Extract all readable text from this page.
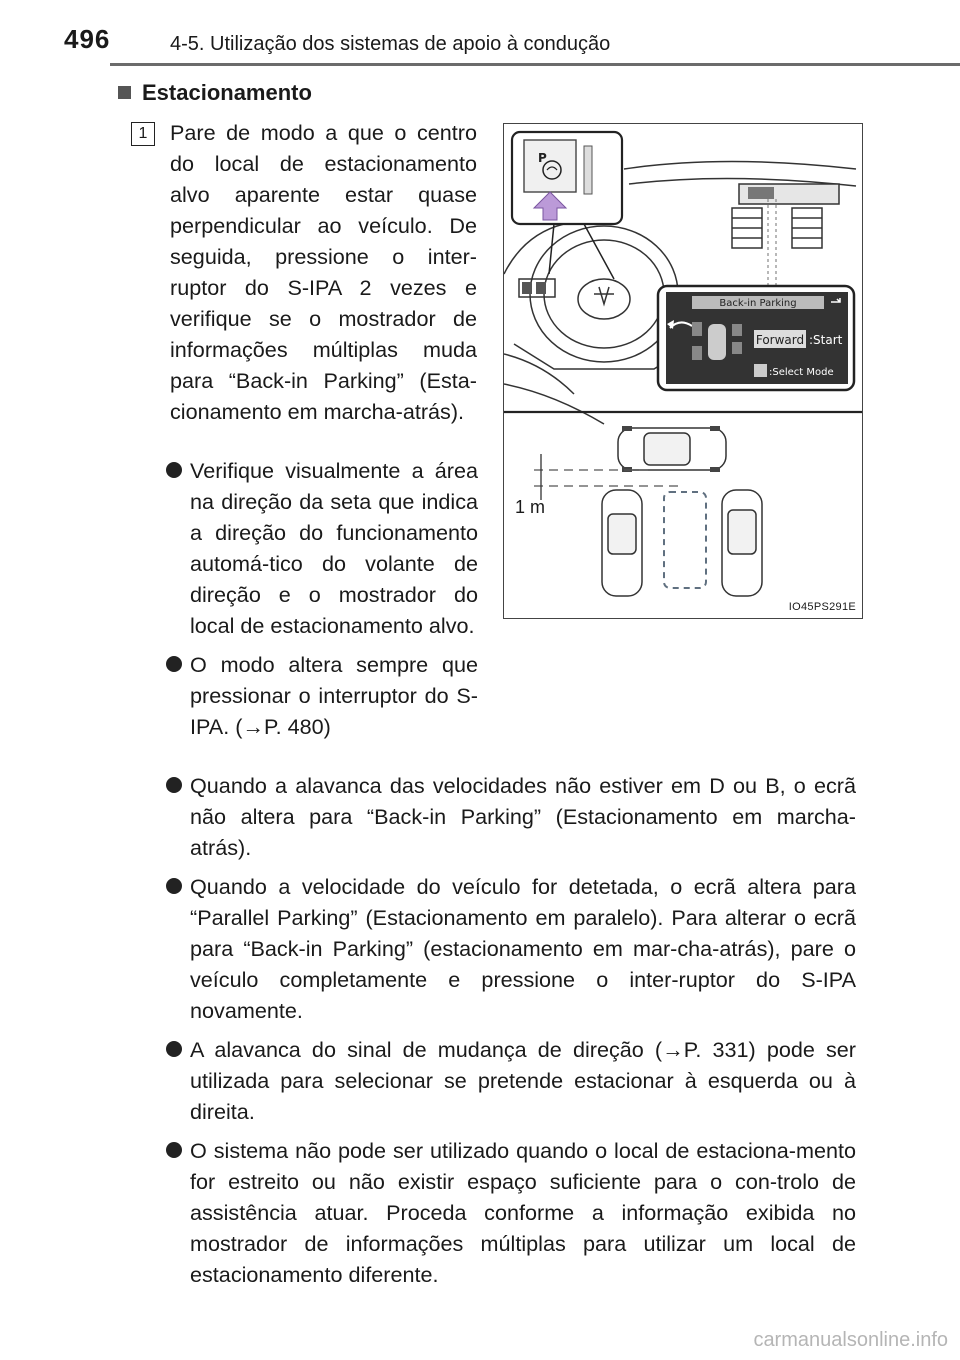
496	4-5. Utilização dos sistemas de apoio à condução
Estacionamento
1	Pare de modo a que o centro do local de estacionamento alvo aparente estar quase perpendicular ao veículo. De seguida, pressione o inter-ruptor do S-IPA 2 vezes e verifique se o mostrador de informações múltiplas muda para “Back-in Parking” (Esta-cionamento em marcha-atrás).

Verifique visualmente a área na direção da seta que indica a direção do funcionamento automá-tico do volante de direção e o mostrador do local de estacionamento alvo.
O modo altera sempre que pressionar o interruptor do S-IPA. (→P. 480)
Quando a alavanca das velocidades não estiver em D ou B, o ecrã não altera para “Back-in Parking” (Estacionamento em marcha-atrás).
Quando a velocidade do veículo for detetada, o ecrã altera para “Parallel Parking” (Estacionamento em paralelo). Para alterar o ecrã para “Back-in Parking” (estacionamento em mar-cha-atrás), pare o veículo completamente e pressione o inter-ruptor do S-IPA novamente.
A alavanca do sinal de mudança de direção (→P. 331) pode ser utilizada para selecionar se pretende estacionar à esquerda ou à direita.
O sistema não pode ser utilizado quando o local de estaciona-mento for estreito ou não existir espaço suficiente para o con-trolo de assistência atuar. Proceda conforme a informação exibida no mostrador de informações múltiplas para utilizar um local de estacionamento diferente.
P
Back-in Parking
Forward :Start
:Select Mode
1 m
IO45PS291E
carmanualsonline.info
